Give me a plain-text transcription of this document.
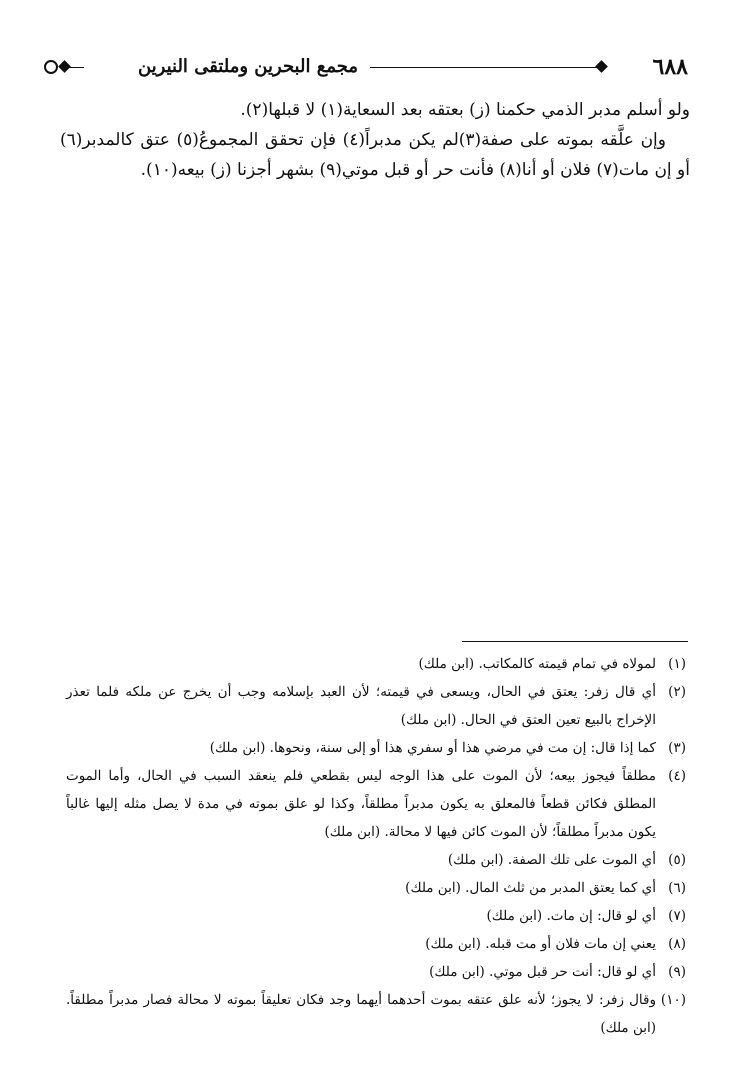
٦٨٨
مجمع البحرين وملتقى النيرين

ولو أسلم مدبر الذمي حكمنا (ز) بعتقه بعد السعاية(١) لا قبلها(٢).

وإن علَّقه بموته على صفة(٣)لم يكن مدبراً(٤) فإن تحقق المجموعُ(٥) عتق كالمدبر(٦) أو إن مات(٧) فلان أو أنا(٨) فأنت حر أو قبل موتي(٩) بشهر أجزنا (ز) بيعه(١٠).

(١)لمولاه في تمام قيمته كالمكاتب. (ابن ملك)

(٢)أي قال زفر: يعتق في الحال، ويسعى في قيمته؛ لأن العبد بإسلامه وجب أن يخرج عن ملكه فلما تعذر الإخراج بالبيع تعين العتق في الحال. (ابن ملك)

(٣)كما إذا قال: إن مت في مرضي هذا أو سفري هذا أو إلى سنة، ونحوها. (ابن ملك)

(٤)مطلقاً فيجوز بيعه؛ لأن الموت على هذا الوجه ليس بقطعي فلم ينعقد السبب في الحال، وأما الموت المطلق فكائن قطعاً فالمعلق به يكون مدبراً مطلقاً، وكذا لو علق بموته في مدة لا يصل مثله إليها غالباً يكون مدبراً مطلقاً؛ لأن الموت كائن فيها لا محالة. (ابن ملك)

(٥)أي الموت على تلك الصفة. (ابن ملك)

(٦)أي كما يعتق المدبر من ثلث المال. (ابن ملك)

(٧)أي لو قال: إن مات. (ابن ملك)

(٨)يعني إن مات فلان أو مت قبله. (ابن ملك)

(٩)أي لو قال: أنت حر قبل موتي. (ابن ملك)

(١٠)وقال زفر: لا يجوز؛ لأنه علق عتقه بموت أحدهما أيهما وجد فكان تعليقاً بموته لا محالة فصار مدبراً مطلقاً. (ابن ملك)
